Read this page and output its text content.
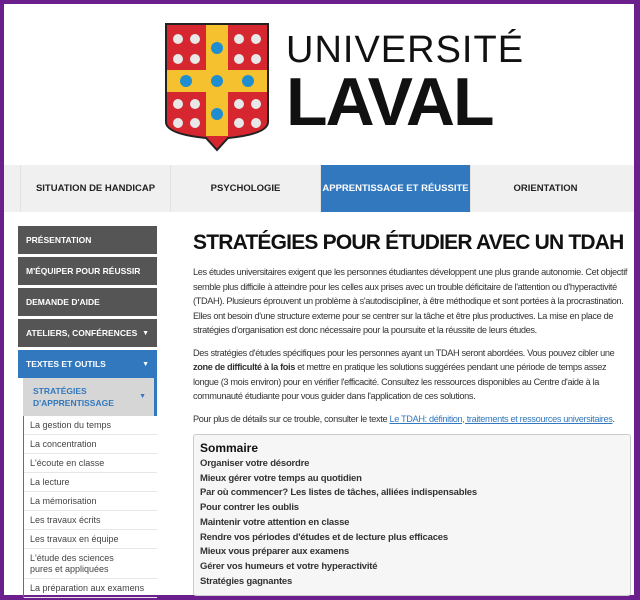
UNIVERSITÉ
LAVAL
SITUATION DE HANDICAP	PSYCHOLOGIE	APPRENTISSAGE ET RÉUSSITE	ORIENTATION
PRÉSENTATION
M'ÉQUIPER POUR RÉUSSIR
DEMANDE D'AIDE
ATELIERS, CONFÉRENCES ▼
TEXTES ET OUTILS	▼
STRATÉGIES D'APPRENTISSAGE
▼
La gestion du temps
La concentration
L'écoute en classe
La lecture
La mémorisation
Les travaux écrits
Les travaux en équipe
L'étude des sciences pures et appliquées
La préparation aux examens
STRATÉGIES POUR ÉTUDIER AVEC UN TDAH

Les études universitaires exigent que les personnes étudiantes développent une plus grande autonomie. Cet objectif semble plus difficile à atteindre pour les celles aux prises avec un trouble déficitaire de l'attention ou d'hyperactivité (TDAH). Plusieurs éprouvent un problème à s'autodiscipliner, à être méthodique et sont portées à la procrastination. Elles ont besoin d'une structure externe pour se centrer sur la tâche et être plus productives. La mise en place de stratégies d'organisation est donc nécessaire pour la poursuite et la réussite de leurs études.

Des stratégies d'études spécifiques pour les personnes ayant un TDAH seront abordées. Vous pouvez cibler une zone de difficulté à la fois et mettre en pratique les solutions suggérées pendant une période de temps assez longue (3 mois environ) pour en vérifier l'efficacité. Consultez les ressources disponibles au Centre d'aide à la communauté étudiante pour vous guider dans l'application de ces solutions.

Pour plus de détails sur ce trouble, consulter le texte Le TDAH: définition, traitements et ressources universitaires.

Sommaire
Organiser votre désordre
Mieux gérer votre temps au quotidien
Par où commencer? Les listes de tâches, alliées indispensables
Pour contrer les oublis
Maintenir votre attention en classe
Rendre vos périodes d'études et de lecture plus efficaces
Mieux vous préparer aux examens
Gérer vos humeurs et votre hyperactivité
Stratégies gagnantes
